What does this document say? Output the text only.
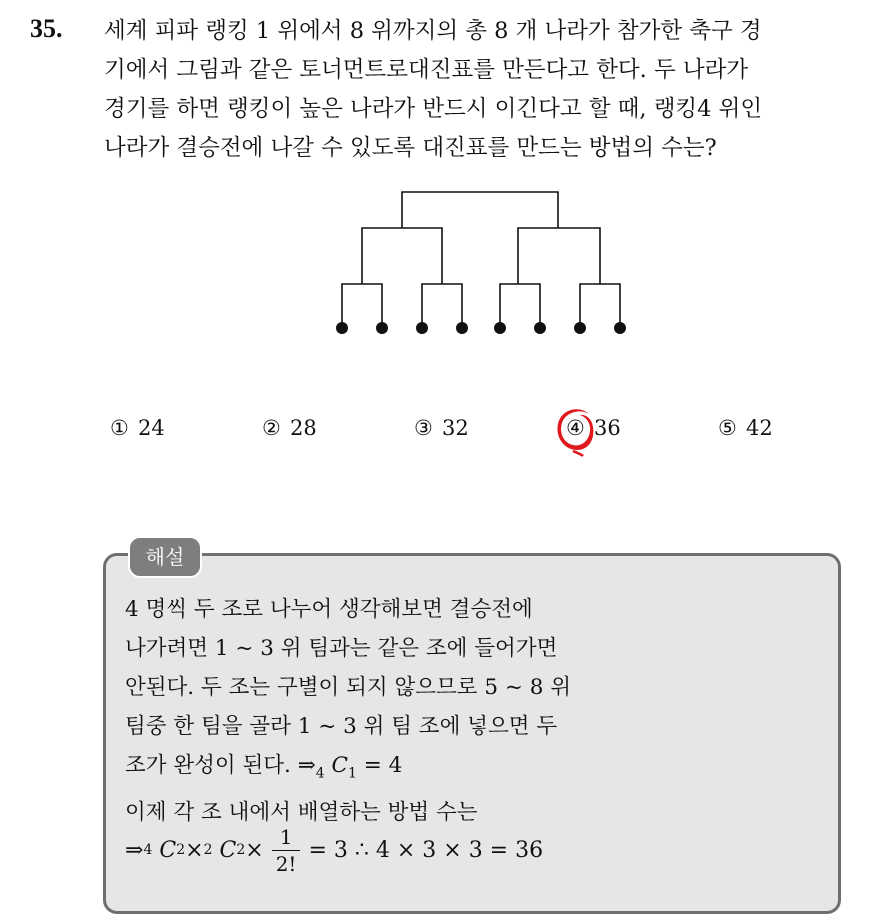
35. 세계 피파 랭킹 1 위에서 8 위까지의 총 8 개 나라가 참가한 축구 경
기에서 그림과 같은 토너먼트로대진표를 만든다고 한다. 두 나라가
경기를 하면 랭킹이 높은 나라가 반드시 이긴다고 할 때, 랭킹4 위인
나라가 결승전에 나갈 수 있도록 대진표를 만드는 방법의 수는?
① 24	② 28	③ 32	④ 36	⑤ 42
해설
4 명씩 두 조로 나누어 생각해보면 결승전에
나가려면 1 ~ 3 위 팀과는 같은 조에 들어가면
안된다. 두 조는 구별이 되지 않으므로 5 ~ 8 위
팀중 한 팀을 골라 1 ~ 3 위 팀 조에 넣으면 두
조가 완성이 된다. $\Rightarrow_4$ $C_1 = 4$
이제 각 조 내에서 배열하는 방법 수는
⇒ 4
C 2 × 2
C $2 \times \frac{1}{2!} = 3$ ∴ 4 × 3 × 3 = 36
